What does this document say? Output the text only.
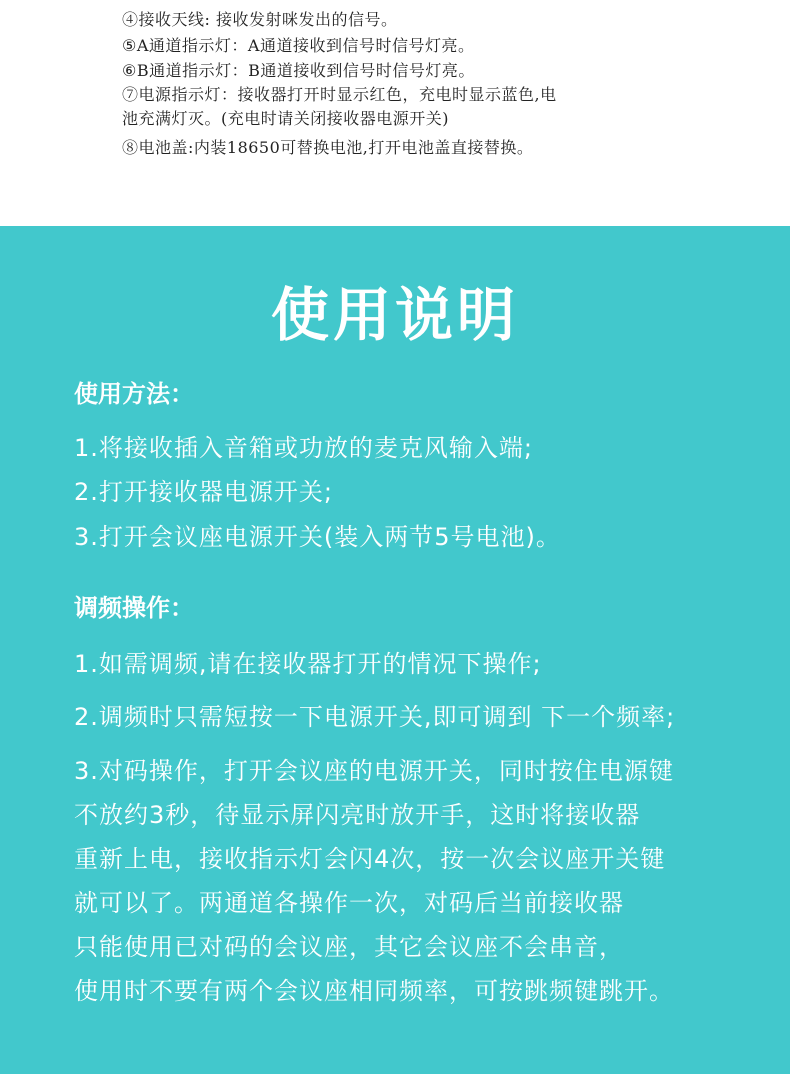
④接收天线: 接收发射咪发出的信号。
⑤A通道指示灯：A通道接收到信号时信号灯亮。
⑥B通道指示灯：B通道接收到信号时信号灯亮。
⑦电源指示灯：接收器打开时显示红色，充电时显示蓝色,电
池充满灯灭。(充电时请关闭接收器电源开关)
⑧电池盖:内装18650可替换电池,打开电池盖直接替换。
使用说明
使用方法：
1.将接收插入音箱或功放的麦克风输入端;
2.打开接收器电源开关;
3.打开会议座电源开关(装入两节5号电池)。
调频操作：
1.如需调频,请在接收器打开的情况下操作;
2.调频时只需短按一下电源开关,即可调到 下一个频率;
3.对码操作，打开会议座的电源开关，同时按住电源键
不放约3秒，待显示屏闪亮时放开手，这时将接收器
重新上电，接收指示灯会闪4次，按一次会议座开关键
就可以了。两通道各操作一次，对码后当前接收器
只能使用已对码的会议座，其它会议座不会串音，
使用时不要有两个会议座相同频率，可按跳频键跳开。
